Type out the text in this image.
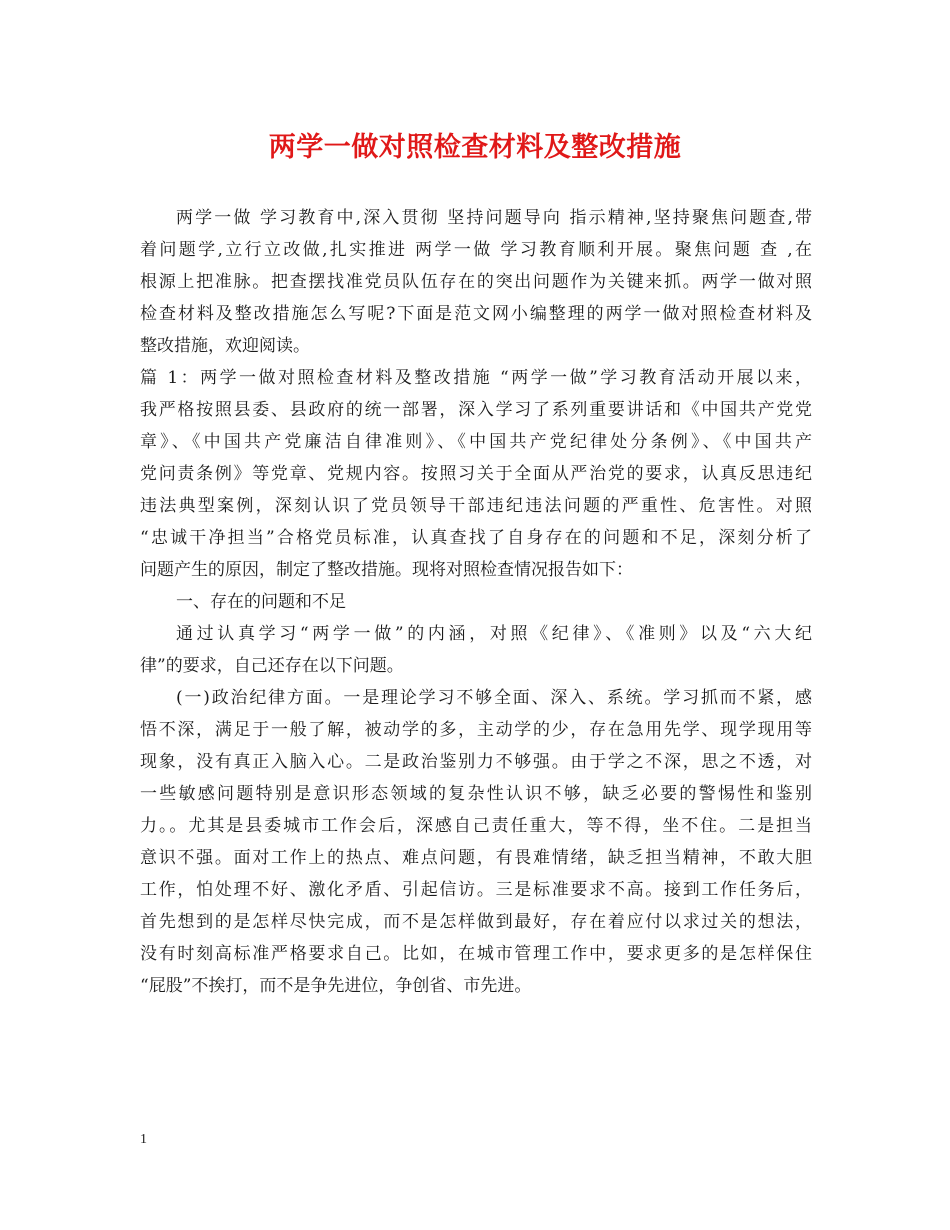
两学一做对照检查材料及整改措施
两学一做 学习教育中,深入贯彻 坚持问题导向 指示精神,坚持聚焦问题查,带
着问题学,立行立改做,扎实推进 两学一做 学习教育顺利开展。聚焦问题 查 ,在
根源上把准脉。把查摆找准党员队伍存在的突出问题作为关键来抓。两学一做对照
检查材料及整改措施怎么写呢?下面是范文网小编整理的两学一做对照检查材料及
整改措施，欢迎阅读。
篇 1：两学一做对照检查材料及整改措施 “两学一做”学习教育活动开展以来，
我严格按照县委、县政府的统一部署，深入学习了系列重要讲话和《中国共产党党
章》、《中国共产党廉洁自律准则》、《中国共产党纪律处分条例》、《中国共产
党问责条例》等党章、党规内容。按照习关于全面从严治党的要求，认真反思违纪
违法典型案例，深刻认识了党员领导干部违纪违法问题的严重性、危害性。对照
“忠诚干净担当”合格党员标准，认真查找了自身存在的问题和不足，深刻分析了
问题产生的原因，制定了整改措施。现将对照检查情况报告如下：
一、存在的问题和不足
通过认真学习“两学一做”的内涵，对照《纪律》、《准则》以及“六大纪
律”的要求，自己还存在以下问题。
(一)政治纪律方面。一是理论学习不够全面、深入、系统。学习抓而不紧，感
悟不深，满足于一般了解，被动学的多，主动学的少，存在急用先学、现学现用等
现象，没有真正入脑入心。二是政治鉴别力不够强。由于学之不深，思之不透，对
一些敏感问题特别是意识形态领域的复杂性认识不够，缺乏必要的警惕性和鉴别
力。。尤其是县委城市工作会后，深感自己责任重大，等不得，坐不住。二是担当
意识不强。面对工作上的热点、难点问题，有畏难情绪，缺乏担当精神，不敢大胆
工作，怕处理不好、激化矛盾、引起信访。三是标准要求不高。接到工作任务后，
首先想到的是怎样尽快完成，而不是怎样做到最好，存在着应付以求过关的想法，
没有时刻高标准严格要求自己。比如，在城市管理工作中，要求更多的是怎样保住
“屁股”不挨打，而不是争先进位，争创省、市先进。
1
